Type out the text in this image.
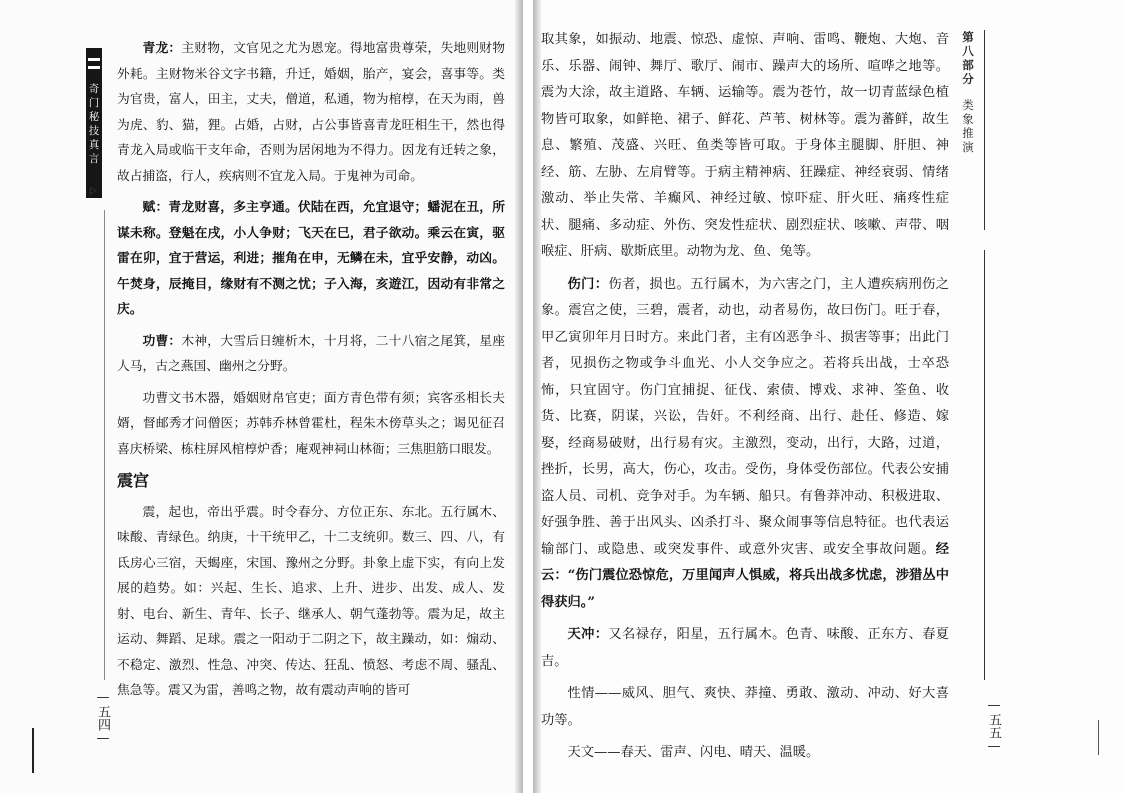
奇门秘技真言
▷
第八部分
类象推演
—
五四
—
—
五五
—

青龙：主财物，文官见之尤为恩宠。得地富贵尊荣，失地则财物外耗。主财物米谷文字书籍，升迁，婚姻，胎产，宴会，喜事等。类为官贵，富人，田主，丈夫，僧道，私通，物为棺椁，在天为雨，兽为虎、豹、猫，狸。占婚，占财，占公事皆喜青龙旺相生干，然也得青龙入局或临干支年命，否则为居闲地为不得力。因龙有迁转之象，故占捕盗，行人，疾病则不宜龙入局。于鬼神为司命。

赋：青龙财喜，多主亨通。伏陆在西，允宜退守；蟠泥在丑，所谋未称。登魁在戌，小人争财；飞天在巳，君子欲动。乘云在寅，驱雷在卯，宜于营运，利进；摧角在申，无鳞在未，宜乎安静，动凶。午焚身，辰掩目，缘财有不测之忧；子入海，亥遊江，因动有非常之庆。

功曹：木神，大雪后日缠析木，十月将，二十八宿之尾箕，星座人马，古之燕国、幽州之分野。

功曹文书木器，婚姻财帛官吏；面方青色带有须；宾客丞相长夫婿，督邮秀才问僧医；苏韩乔林曾霍杜，程朱木傍草头之；谒见征召喜庆桥梁、栋柱屏风棺椁炉香；庵观神祠山林衙；三焦胆筋口眼发。

震宫

震，起也，帝出乎震。时令春分、方位正东、东北。五行属木、味酸、青绿色。纳庚，十干统甲乙，十二支统卯。数三、四、八，有氐房心三宿，天蝎座，宋国、豫州之分野。卦象上虚下实，有向上发展的趋势。如：兴起、生长、追求、上升、进步、出发、成人、发射、电台、新生、青年、长子、继承人、朝气蓬勃等。震为足，故主运动、舞蹈、足球。震之一阳动于二阴之下，故主躁动，如：煽动、不稳定、激烈、性急、冲突、传达、狂乱、愤怒、考虑不周、骚乱、焦急等。震又为雷，善鸣之物，故有震动声响的皆可

取其象，如振动、地震、惊恐、虚惊、声响、雷鸣、鞭炮、大炮、音乐、乐器、闹钟、舞厅、歌厅、闹市、躁声大的场所、喧哗之地等。震为大涂，故主道路、车辆、运输等。震为苍竹，故一切青蓝绿色植物皆可取象，如鲜艳、裙子、鲜花、芦苇、树林等。震为蕃鲜，故生息、繁殖、茂盛、兴旺、鱼类等皆可取。于身体主腿脚、肝胆、神经、筋、左胁、左肩臂等。于病主精神病、狂躁症、神经衰弱、情绪激动、举止失常、羊癫风、神经过敏、惊吓症、肝火旺、痛疼性症状、腿痛、多动症、外伤、突发性症状、剧烈症状、咳嗽、声带、咽喉症、肝病、歇斯底里。动物为龙、鱼、兔等。

伤门：伤者，损也。五行属木，为六害之门，主人遭疾病刑伤之象。震宫之使，三碧，震者，动也，动者易伤，故曰伤门。旺于春，甲乙寅卯年月日时方。来此门者，主有凶恶争斗、损害等事；出此门者，见损伤之物或争斗血光、小人交争应之。若将兵出战，士卒恐怖，只宜固守。伤门宜捕捉、征伐、索债、博戏、求神、筌鱼、收货、比赛，阴谋，兴讼，告奸。不利经商、出行、赴任、修造、嫁娶，经商易破财，出行易有灾。主激烈，变动，出行，大路，过道，挫折，长男，高大，伤心，攻击。受伤，身体受伤部位。代表公安捕盗人员、司机、竞争对手。为车辆、船只。有鲁莽冲动、积极进取、好强争胜、善于出风头、凶杀打斗、聚众闹事等信息特征。也代表运输部门、或隐患、或突发事件、或意外灾害、或安全事故问题。经云：“伤门震位恐惊危，万里闻声人惧威，将兵出战多忧虑，涉猎丛中得获归。”

天冲：又名禄存，阳星，五行属木。色青、味酸、正东方、春夏吉。

性情——威风、胆气、爽快、莽撞、勇敢、激动、冲动、好大喜功等。

天文——春天、雷声、闪电、晴天、温暖。
